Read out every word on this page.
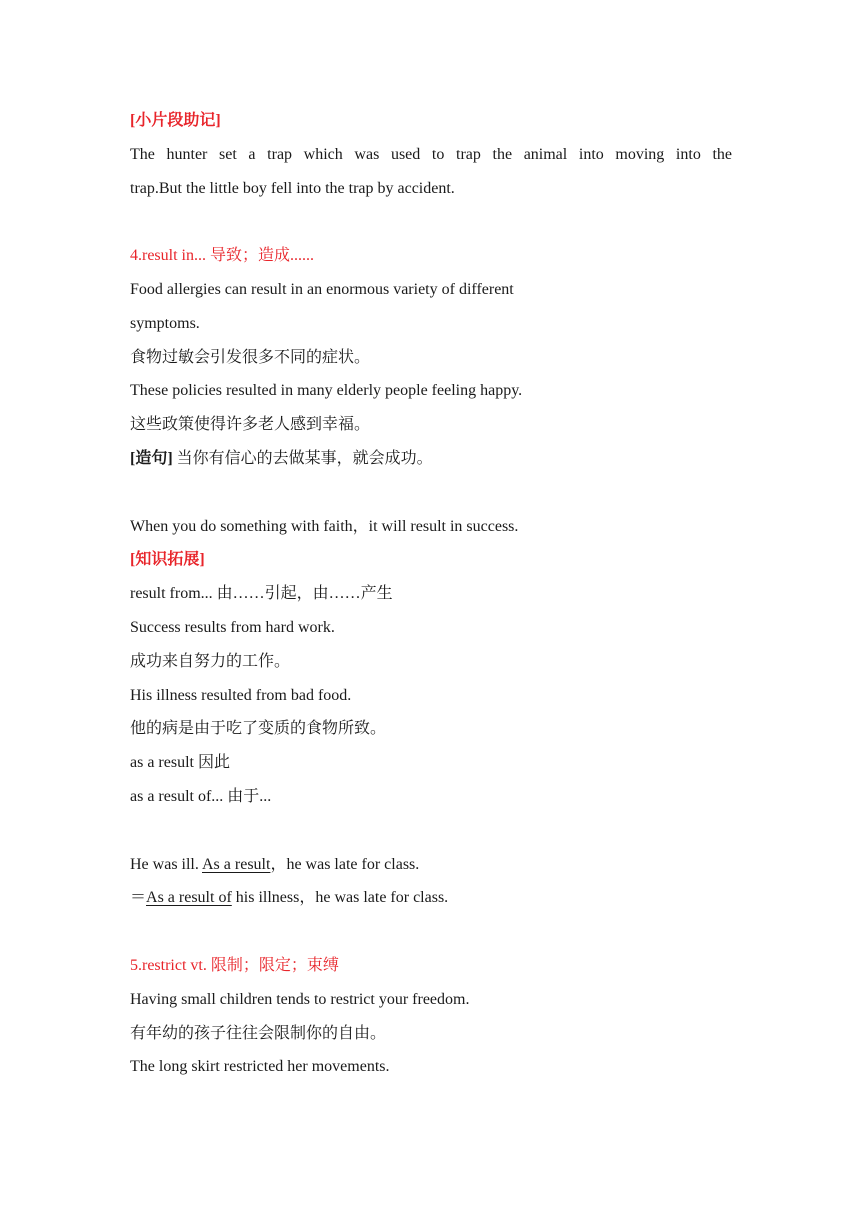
[小片段助记]
The hunter set a trap which was used to trap the animal into moving into the
trap.But the little boy fell into the trap by accident.
4.result in... 导致；造成......
Food allergies can result in an enormous variety of different
symptoms.
食物过敏会引发很多不同的症状。
These policies resulted in many elderly people feeling happy.
这些政策使得许多老人感到幸福。
[造句] 当你有信心的去做某事，就会成功。
When you do something with faith，it will result in success.
[知识拓展]
result from... 由……引起，由……产生
Success results from hard work.
成功来自努力的工作。
His illness resulted from bad food.
他的病是由于吃了变质的食物所致。
as a result 因此
as a result of... 由于...
He was ill. As a result，he was late for class.
＝As a result of his illness，he was late for class.
5.restrict vt. 限制；限定；束缚
Having small children tends to restrict your freedom.
有年幼的孩子往往会限制你的自由。
The long skirt restricted her movements.
